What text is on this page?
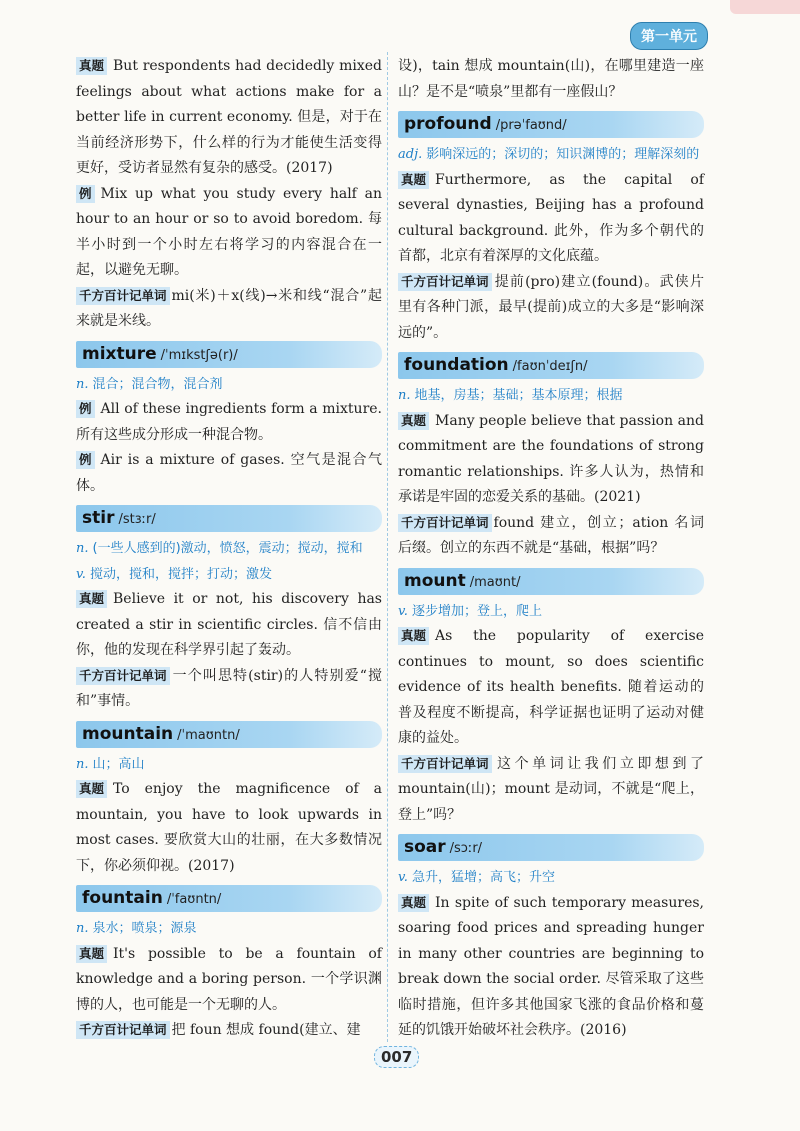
第一单元

真题 But respondents had decidedly mixed feelings about what actions make for a better life in current economy. 但是，对于在当前经济形势下，什么样的行为才能使生活变得更好，受访者显然有复杂的感受。(2017)

例 Mix up what you study every half an hour to an hour or so to avoid boredom. 每半小时到一个小时左右将学习的内容混合在一起，以避免无聊。

千方百计记单词 mi(米)＋x(线)→米和线“混合”起来就是米线。

mixture /ˈmɪkstʃə(r)/

n. 混合；混合物，混合剂

例 All of these ingredients form a mixture. 所有这些成分形成一种混合物。

例 Air is a mixture of gases. 空气是混合气体。

stir /stɜːr/

n. (一些人感到的)激动，愤怒，震动；搅动，搅和

v. 搅动，搅和，搅拌；打动；激发

真题 Believe it or not, his discovery has created a stir in scientific circles. 信不信由你，他的发现在科学界引起了轰动。

千方百计记单词 一个叫思特(stir)的人特别爱“搅和”事情。

mountain /ˈmaʊntn/

n. 山；高山

真题 To enjoy the magnificence of a mountain, you have to look upwards in most cases. 要欣赏大山的壮丽，在大多数情况下，你必须仰视。(2017)

fountain /ˈfaʊntn/

n. 泉水；喷泉；源泉

真题 It's possible to be a fountain of knowledge and a boring person. 一个学识渊博的人，也可能是一个无聊的人。

千方百计记单词 把 foun 想成 found(建立、建

设)，tain 想成 mountain(山)，在哪里建造一座山？是不是“喷泉”里都有一座假山？

profound /prəˈfaʊnd/

adj. 影响深远的；深切的；知识渊博的；理解深刻的

真题 Furthermore, as the capital of several dynasties, Beijing has a profound cultural background. 此外，作为多个朝代的首都，北京有着深厚的文化底蕴。

千方百计记单词 提前(pro)建立(found)。武侠片里有各种门派，最早(提前)成立的大多是“影响深远的”。

foundation /faʊnˈdeɪʃn/

n. 地基，房基；基础；基本原理；根据

真题 Many people believe that passion and commitment are the foundations of strong romantic relationships. 许多人认为，热情和承诺是牢固的恋爱关系的基础。(2021)

千方百计记单词 found 建立，创立；ation 名词后缀。创立的东西不就是“基础，根据”吗？

mount /maʊnt/

v. 逐步增加；登上，爬上

真题 As the popularity of exercise continues to mount, so does scientific evidence of its health benefits. 随着运动的普及程度不断提高，科学证据也证明了运动对健康的益处。

千方百计记单词 这个单词让我们立即想到了 mountain(山)；mount 是动词，不就是“爬上，登上”吗？

soar /sɔːr/

v. 急升，猛增；高飞；升空

真题 In spite of such temporary measures, soaring food prices and spreading hunger in many other countries are beginning to break down the social order. 尽管采取了这些临时措施，但许多其他国家飞涨的食品价格和蔓延的饥饿开始破坏社会秩序。(2016)

007
